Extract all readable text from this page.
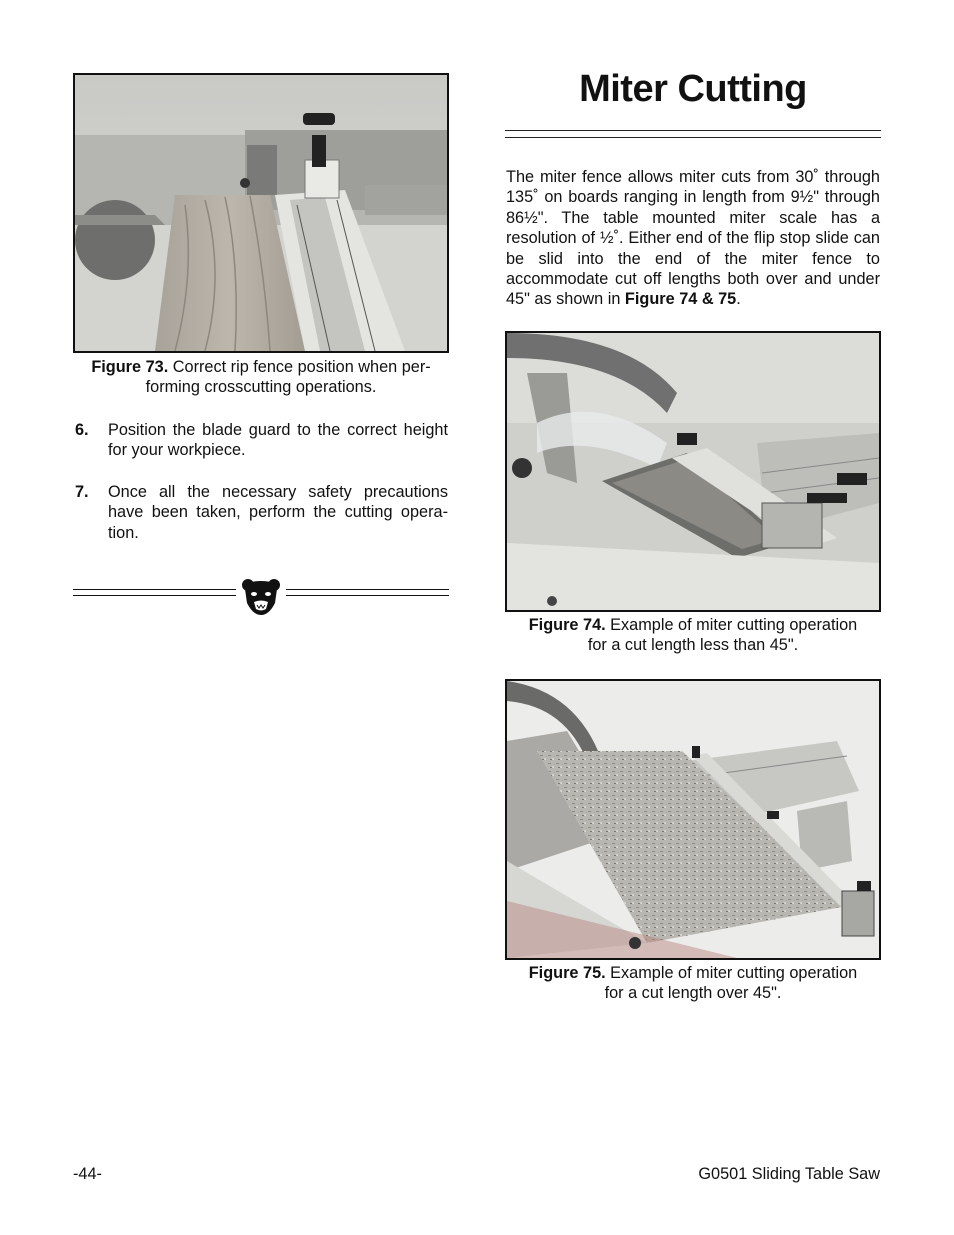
Figure 73. Correct rip fence position when per-
forming crosscutting operations.
6. Position the blade guard to the correct height for your workpiece.
7. Once all the necessary safety precautions have been taken, perform the cutting opera-tion.
Miter Cutting
The miter fence allows miter cuts from 30˚ through 135˚ on boards ranging in length from 9½" through 86½". The table mounted miter scale has a resolution of ½˚. Either end of the flip stop slide can be slid into the end of the miter fence to accommodate cut off lengths both over and under 45" as shown in Figure 74 & 75.
Figure 74. Example of miter cutting operation
for a cut length less than 45".
Figure 75. Example of miter cutting operation
for a cut length over 45".
-44-	G0501 Sliding Table Saw
